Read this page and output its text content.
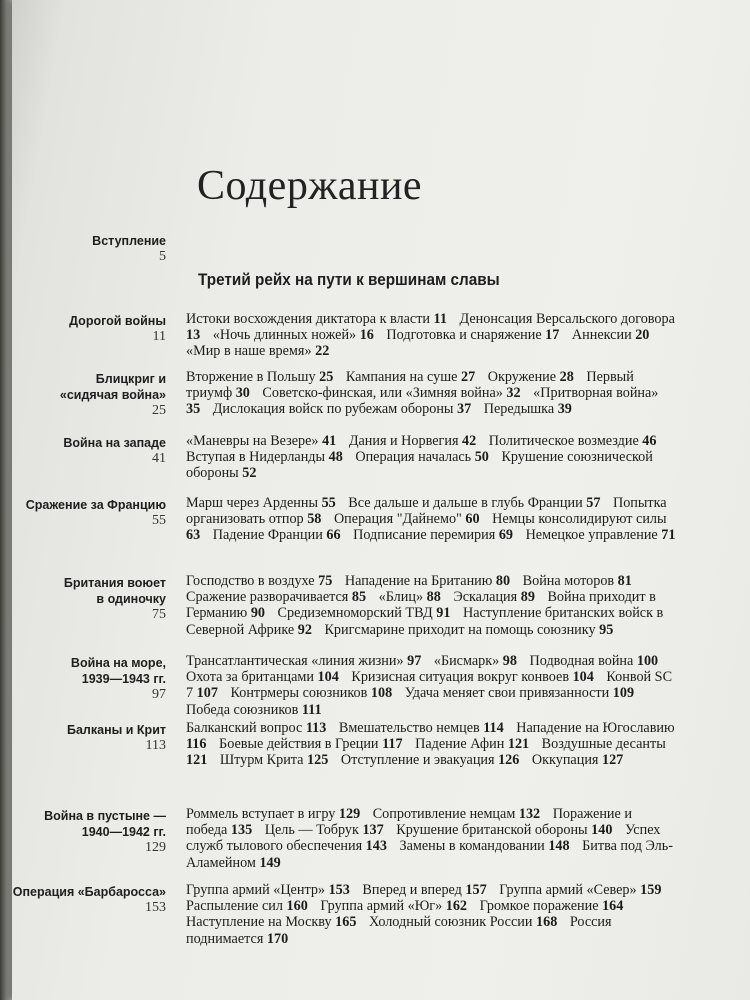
Содержание
Вступление
5
Третий рейх на пути к вершинам славы
Дорогой войны
11
Истоки восхождения диктатора к власти 11 Денонсация Версальского договора 13 «Ночь длинных ножей» 16 Подготовка и снаряжение 17 Аннексии 20 «Мир в наше время» 22
Блицкриг и
«сидячая война»
25
Вторжение в Польшу 25 Кампания на суше 27 Окружение 28 Первый триумф 30 Советско-финская, или «Зимняя война» 32 «Притворная война» 35 Дислокация войск по рубежам обороны 37 Передышка 39
Война на западе
41
«Маневры на Везере» 41 Дания и Норвегия 42 Политическое возмездие 46 Вступая в Нидерланды 48 Операция началась 50 Крушение союзнической обороны 52
Сражение за Францию
55
Марш через Арденны 55 Все дальше и дальше в глубь Франции 57 Попытка организовать отпор 58 Операция "Дайнемо" 60 Немцы консолидируют силы 63 Падение Франции 66 Подписание перемирия 69 Немецкое управление 71
Британия воюет
в одиночку
75
Господство в воздухе 75 Нападение на Британию 80 Война моторов 81 Сражение разворачивается 85 «Блиц» 88 Эскалация 89 Война приходит в Германию 90 Средиземноморский ТВД 91 Наступление британских войск в Северной Африке 92 Кригсмарине приходит на помощь союзнику 95
Война на море,
1939—1943 гг.
97
Трансатлантическая «линия жизни» 97 «Бисмарк» 98 Подводная война 100 Охота за британцами 104 Кризисная ситуация вокруг конвоев 104 Конвой SC 7 107 Контрмеры союзников 108 Удача меняет свои привязанности 109 Победа союзников 111
Балканы и Крит
113
Балканский вопрос 113 Вмешательство немцев 114 Нападение на Югославию 116 Боевые действия в Греции 117 Падение Афин 121 Воздушные десанты 121 Штурм Крита 125 Отступление и эвакуация 126 Оккупация 127
Война в пустыне —
1940—1942 гг.
129
Роммель вступает в игру 129 Сопротивление немцам 132 Поражение и победа 135 Цель — Тобрук 137 Крушение британской обороны 140 Успех служб тылового обеспечения 143 Замены в командовании 148 Битва под Эль-Аламейном 149
Операция «Барбаросса»
153
Группа армий «Центр» 153 Вперед и вперед 157 Группа армий «Север» 159 Распыление сил 160 Группа армий «Юг» 162 Громкое поражение 164 Наступление на Москву 165 Холодный союзник России 168 Россия поднимается 170
